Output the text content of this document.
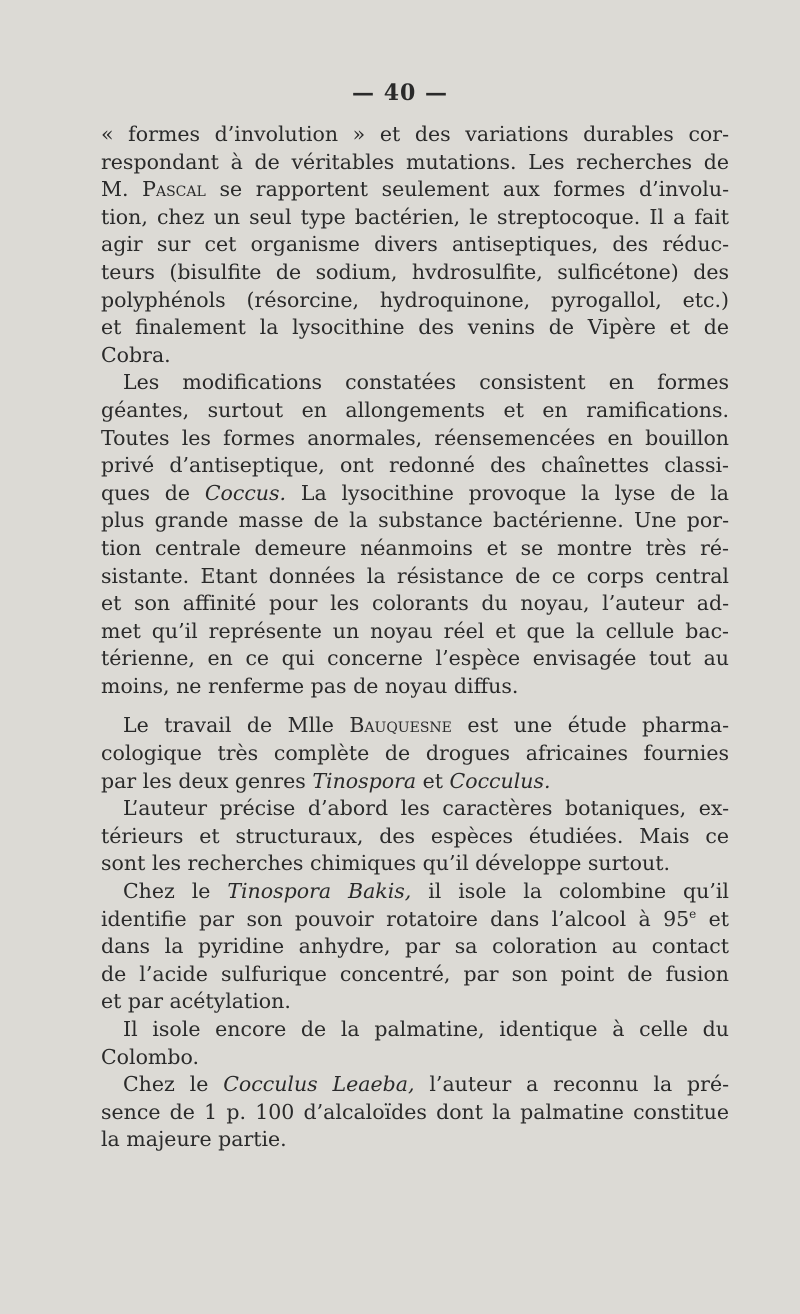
— 40 —
« formes d’involution » et des variations durables cor-
respondant à de véritables mutations. Les recherches de
M. Pascal se rapportent seulement aux formes d’involu-
tion, chez un seul type bactérien, le streptocoque. Il a fait
agir sur cet organisme divers antiseptiques, des réduc-
teurs (bisulfite de sodium, hvdrosulfite, sulficétone) des
polyphénols (résorcine, hydroquinone, pyrogallol, etc.)
et finalement la lysocithine des venins de Vipère et de
Cobra.
Les modifications constatées consistent en formes
géantes, surtout en allongements et en ramifications.
Toutes les formes anormales, réensemencées en bouillon
privé d’antiseptique, ont redonné des chaînettes classi-
ques de Coccus. La lysocithine provoque la lyse de la
plus grande masse de la substance bactérienne. Une por-
tion centrale demeure néanmoins et se montre très ré-
sistante. Etant données la résistance de ce corps central
et son affinité pour les colorants du noyau, l’auteur ad-
met qu’il représente un noyau réel et que la cellule bac-
térienne, en ce qui concerne l’espèce envisagée tout au
moins, ne renferme pas de noyau diffus.
Le travail de Mlle Bauquesne est une étude pharma-
cologique très complète de drogues africaines fournies
par les deux genres Tinospora et Cocculus.
L’auteur précise d’abord les caractères botaniques, ex-
térieurs et structuraux, des espèces étudiées. Mais ce
sont les recherches chimiques qu’il développe surtout.
Chez le Tinospora Bakis, il isole la colombine qu’il
identifie par son pouvoir rotatoire dans l’alcool à 95e et
dans la pyridine anhydre, par sa coloration au contact
de l’acide sulfurique concentré, par son point de fusion
et par acétylation.
Il isole encore de la palmatine, identique à celle du
Colombo.
Chez le Cocculus Leaeba, l’auteur a reconnu la pré-
sence de 1 p. 100 d’alcaloïdes dont la palmatine constitue
la majeure partie.
